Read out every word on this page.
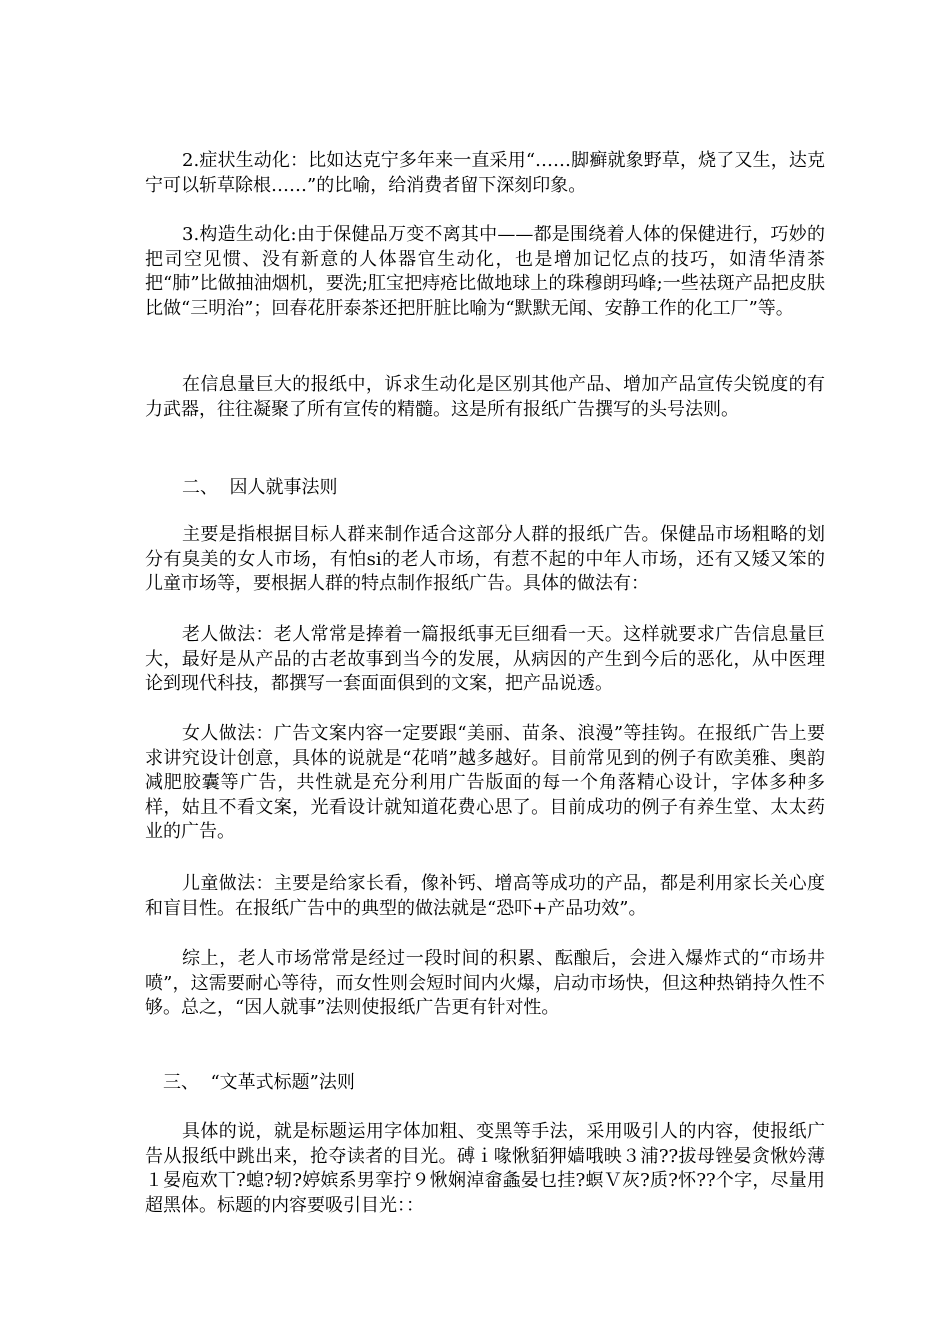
2.症状生动化：比如达克宁多年来一直采用“……脚癣就象野草，烧了又生，达克宁可以斩草除根……”的比喻，给消费者留下深刻印象。

3.构造生动化:由于保健品万变不离其中——都是围绕着人体的保健进行，巧妙的把司空见惯、没有新意的人体器官生动化，也是增加记忆点的技巧，如清华清茶把“肺”比做抽油烟机，要洗;肛宝把痔疮比做地球上的珠穆朗玛峰;一些祛斑产品把皮肤比做“三明治”；回春花肝泰茶还把肝脏比喻为“默默无闻、安静工作的化工厂”等。

在信息量巨大的报纸中，诉求生动化是区别其他产品、增加产品宣传尖锐度的有力武器，往往凝聚了所有宣传的精髓。这是所有报纸广告撰写的头号法则。

二、  因人就事法则

主要是指根据目标人群来制作适合这部分人群的报纸广告。保健品市场粗略的划分有臭美的女人市场，有怕si的老人市场，有惹不起的中年人市场，还有又矮又笨的儿童市场等，要根据人群的特点制作报纸广告。具体的做法有：

老人做法：老人常常是捧着一篇报纸事无巨细看一天。这样就要求广告信息量巨大，最好是从产品的古老故事到当今的发展，从病因的产生到今后的恶化，从中医理论到现代科技，都撰写一套面面俱到的文案，把产品说透。

女人做法：广告文案内容一定要跟“美丽、苗条、浪漫”等挂钩。在报纸广告上要求讲究设计创意，具体的说就是“花哨”越多越好。目前常见到的例子有欧美雅、奥韵减肥胶囊等广告，共性就是充分利用广告版面的每一个角落精心设计，字体多种多样，姑且不看文案，光看设计就知道花费心思了。目前成功的例子有养生堂、太太药业的广告。

儿童做法：主要是给家长看，像补钙、增高等成功的产品，都是利用家长关心度和盲目性。在报纸广告中的典型的做法就是“恐吓+产品功效”。

综上，老人市场常常是经过一段时间的积累、酝酿后，会进入爆炸式的“市场井喷”，这需要耐心等待，而女性则会短时间内火爆，启动市场快，但这种热销持久性不够。总之，“因人就事”法则使报纸广告更有针对性。

三、  “文革式标题”法则

具体的说，就是标题运用字体加粗、变黑等手法，采用吸引人的内容，使报纸广告从报纸中跳出来，抢夺读者的目光。磗ｉ喙愀貊狎嫱哦映３浦??拔母锉晏贪愀妗薄１晏庖欢丅?螅?轫?婷嫔系男挛拧９愀娴淖畲螽晏乜挂?螟Ｖ灰?质?怀??个字，尽量用超黑体。标题的内容要吸引目光：：
